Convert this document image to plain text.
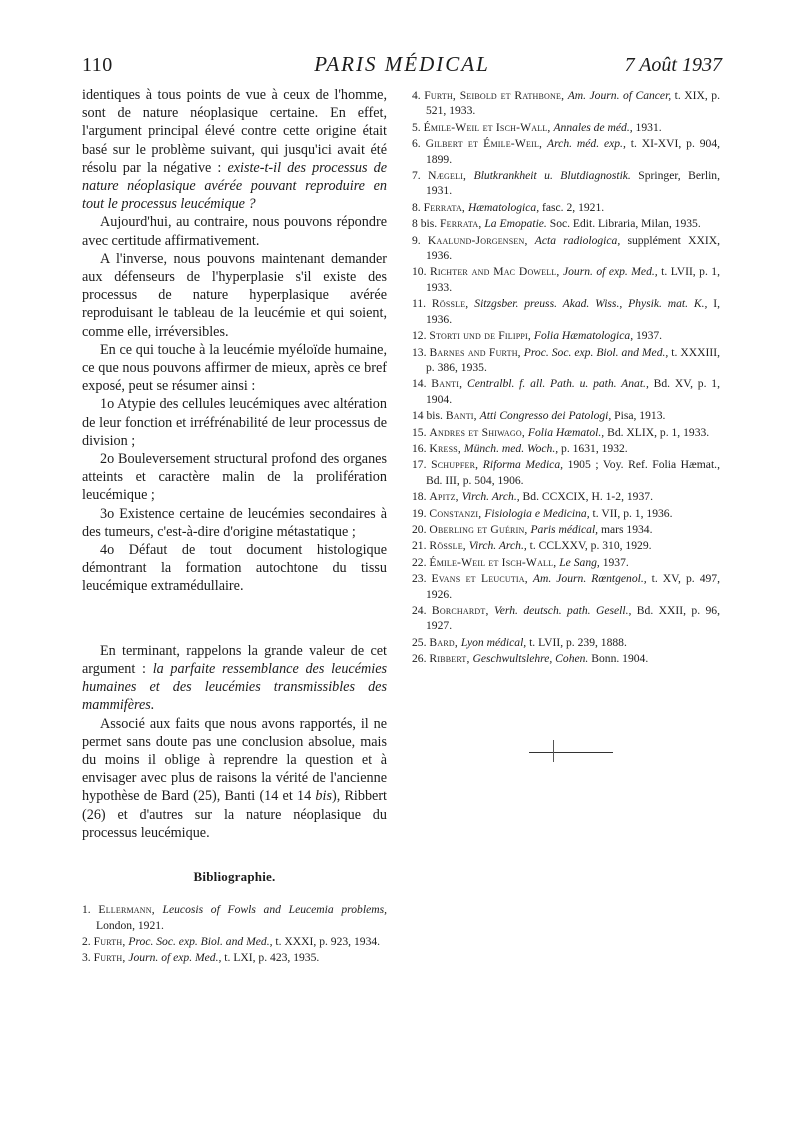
110	PARIS MÉDICAL	7 Août 1937

identiques à tous points de vue à ceux de l'homme, sont de nature néoplasique certaine. En effet, l'argument principal élevé contre cette origine était basé sur le problème suivant, qui jusqu'ici avait été résolu par la négative : existe-t-il des processus de nature néoplasique avérée pouvant reproduire en tout le processus leucémique ?

Aujourd'hui, au contraire, nous pouvons répondre avec certitude affirmativement.

A l'inverse, nous pouvons maintenant demander aux défenseurs de l'hyperplasie s'il existe des processus de nature hyperplasique avérée reproduisant le tableau de la leucémie et qui soient, comme elle, irréversibles.

En ce qui touche à la leucémie myéloïde humaine, ce que nous pouvons affirmer de mieux, après ce bref exposé, peut se résumer ainsi :

1o Atypie des cellules leucémiques avec altération de leur fonction et irréfrénabilité de leur processus de division ;
2o Bouleversement structural profond des organes atteints et caractère malin de la prolifération leucémique ;
3o Existence certaine de leucémies secondaires à des tumeurs, c'est-à-dire d'origine métastatique ;
4o Défaut de tout document histologique démontrant la formation autochtone du tissu leucémique extramédullaire.

En terminant, rappelons la grande valeur de cet argument : la parfaite ressemblance des leucémies humaines et des leucémies transmissibles des mammifères.

Associé aux faits que nous avons rapportés, il ne permet sans doute pas une conclusion absolue, mais du moins il oblige à reprendre la question et à envisager avec plus de raisons la vérité de l'ancienne hypothèse de Bard (25), Banti (14 et 14 bis), Ribbert (26) et d'autres sur la nature néoplasique du processus leucémique.

Bibliographie.
1. Ellermann, Leucosis of Fowls and Leucemia problems, London, 1921.
2. Furth, Proc. Soc. exp. Biol. and Med., t. XXXI, p. 923, 1934.
3. Furth, Journ. of exp. Med., t. LXI, p. 423, 1935.
4. Furth, Seibold et Rathbone, Am. Journ. of Cancer, t. XIX, p. 521, 1933.
5. Émile-Weil et Isch-Wall, Annales de méd., 1931.
6. Gilbert et Émile-Weil, Arch. méd. exp., t. XI-XVI, p. 904, 1899.
7. Nægeli, Blutkrankheit u. Blutdiagnostik. Springer, Berlin, 1931.
8. Ferrata, Hæmatologica, fasc. 2, 1921.
8 bis. Ferrata, La Emopatie. Soc. Edit. Libraria, Milan, 1935.
9. Kaalund-Jorgensen, Acta radiologica, supplément XXIX, 1936.
10. Richter and Mac Dowell, Journ. of exp. Med., t. LVII, p. 1, 1933.
11. Rössle, Sitzgsber. preuss. Akad. Wiss., Physik. mat. K., I, 1936.
12. Storti und de Filippi, Folia Hæmatologica, 1937.
13. Barnes and Furth, Proc. Soc. exp. Biol. and Med., t. XXXIII, p. 386, 1935.
14. Banti, Centralbl. f. all. Path. u. path. Anat., Bd. XV, p. 1, 1904.
14 bis. Banti, Atti Congresso dei Patologi, Pisa, 1913.
15. Andres et Shiwago, Folia Hæmatol., Bd. XLIX, p. 1, 1933.
16. Kress, Münch. med. Woch., p. 1631, 1932.
17. Schupfer, Riforma Medica, 1905 ; Voy. Ref. Folia Hæmat., Bd. III, p. 504, 1906.
18. Apitz, Virch. Arch., Bd. CCXCIX, H. 1-2, 1937.
19. Constanzi, Fisiologia e Medicina, t. VII, p. 1, 1936.
20. Oberling et Guérin, Paris médical, mars 1934.
21. Rössle, Virch. Arch., t. CCLXXV, p. 310, 1929.
22. Émile-Weil et Isch-Wall, Le Sang, 1937.
23. Evans et Leucutia, Am. Journ. Rœntgenol., t. XV, p. 497, 1926.
24. Borchardt, Verh. deutsch. path. Gesell., Bd. XXII, p. 96, 1927.
25. Bard, Lyon médical, t. LVII, p. 239, 1888.
26. Ribbert, Geschwultslehre, Cohen. Bonn. 1904.
